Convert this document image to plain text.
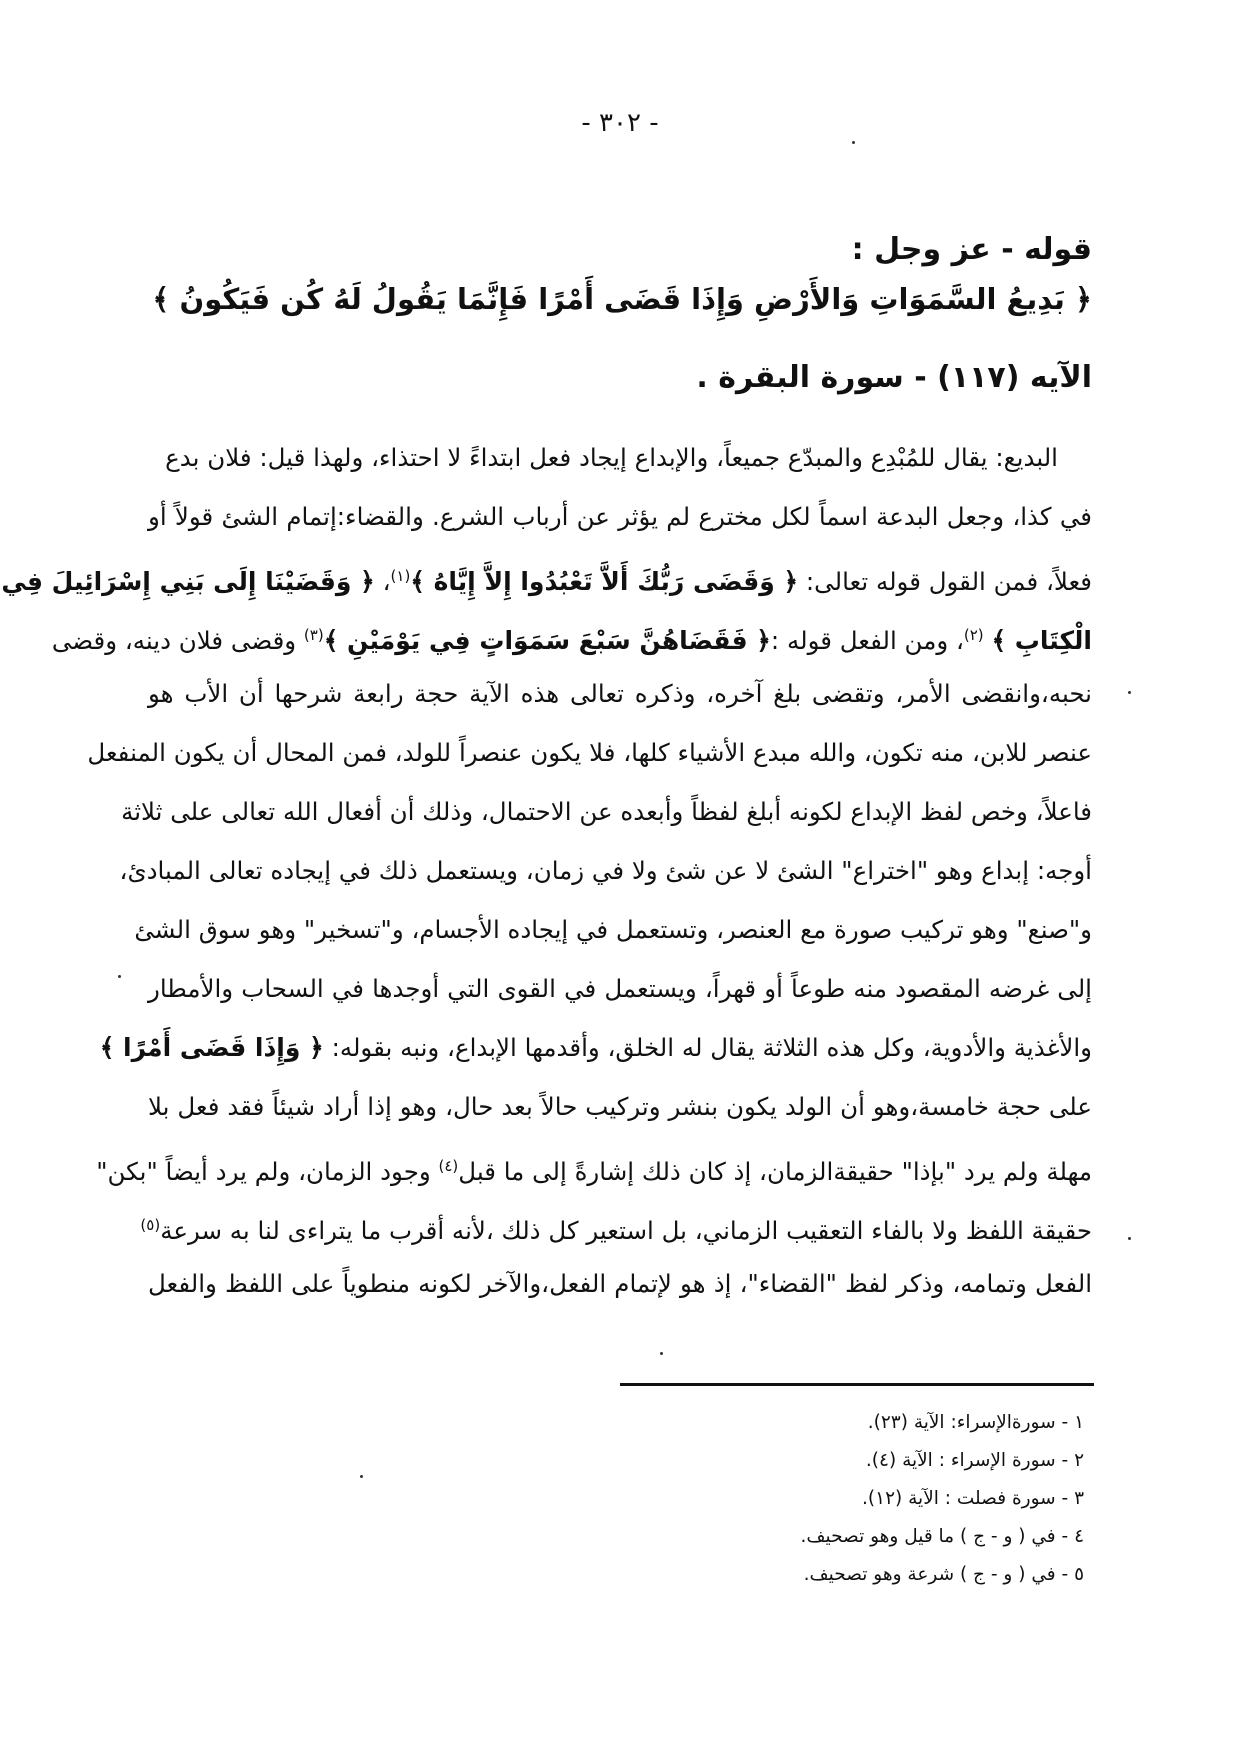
- ٣٠٢ -
قوله - عز وجل :
﴿ بَدِيعُ السَّمَوَاتِ وَالأَرْضِ وَإِذَا قَضَى أَمْرًا فَإِنَّمَا يَقُولُ لَهُ كُن فَيَكُونُ ﴾
الآيه (١١٧) - سورة البقرة .
البديع: يقال للمُبْدِع والمبدّع جميعاً، والإبداع إيجاد فعل ابتداءً لا احتذاء، ولهذا قيل: فلان بدع
في كذا، وجعل البدعة اسماً لكل مخترع لم يؤثر عن أرباب الشرع. والقضاء:إتمام الشئ قولاً أو
فعلاً، فمن القول قوله تعالى: ﴿ وَقَضَى رَبُّكَ أَلاَّ تَعْبُدُوا إِلاَّ إِيَّاهُ ﴾$^{(١)}$، ﴿ وَقَضَيْنَا إِلَى بَنِي إِسْرَائِيلَ فِي
الْكِتَابِ ﴾ $^{(٢)}$، ومن الفعل قوله :﴿ فَقَضَاهُنَّ سَبْعَ سَمَوَاتٍ فِي يَوْمَيْنِ ﴾$^{(٣)}$ وقضى فلان دينه، وقضى
نحبه،وانقضى الأمر، وتقضى بلغ آخره، وذكره تعالى هذه الآية حجة رابعة شرحها أن الأب هو
عنصر للابن، منه تكون، والله مبدع الأشياء كلها، فلا يكون عنصراً للولد، فمن المحال أن يكون المنفعل
فاعلاً، وخص لفظ الإبداع لكونه أبلغ لفظاً وأبعده عن الاحتمال، وذلك أن أفعال الله تعالى على ثلاثة
أوجه: إبداع وهو "اختراع" الشئ لا عن شئ ولا في زمان، ويستعمل ذلك في إيجاده تعالى المبادئ،
و"صنع" وهو تركيب صورة مع العنصر، وتستعمل في إيجاده الأجسام، و"تسخير" وهو سوق الشئ
إلى غرضه المقصود منه طوعاً أو قهراً، ويستعمل في القوى التي أوجدها في السحاب والأمطار
والأغذية والأدوية، وكل هذه الثلاثة يقال له الخلق، وأقدمها الإبداع، ونبه بقوله: ﴿ وَإِذَا قَضَى أَمْرًا ﴾
على حجة خامسة،وهو أن الولد يكون بنشر وتركيب حالاً بعد حال، وهو إذا أراد شيئاً فقد فعل بلا
مهلة ولم يرد "بإذا" حقيقةالزمان، إذ كان ذلك إشارةً إلى ما قبل$^{(٤)}$ وجود الزمان، ولم يرد أيضاً "بكن"
حقيقة اللفظ ولا بالفاء التعقيب الزماني، بل استعير كل ذلك ،لأنه أقرب ما يتراءى لنا به سرعة$^{(٥)}$
الفعل وتمامه، وذكر لفظ "القضاء"، إذ هو لإتمام الفعل،والآخر لكونه منطوياً على اللفظ والفعل
١ - سورةالإسراء: الآية (٢٣).
٢ - سورة الإسراء : الآية (٤).
٣ - سورة فصلت : الآية (١٢).
٤ - في ( و - ج ) ما قيل وهو تصحيف.
٥ - في ( و - ج ) شرعة وهو تصحيف.
